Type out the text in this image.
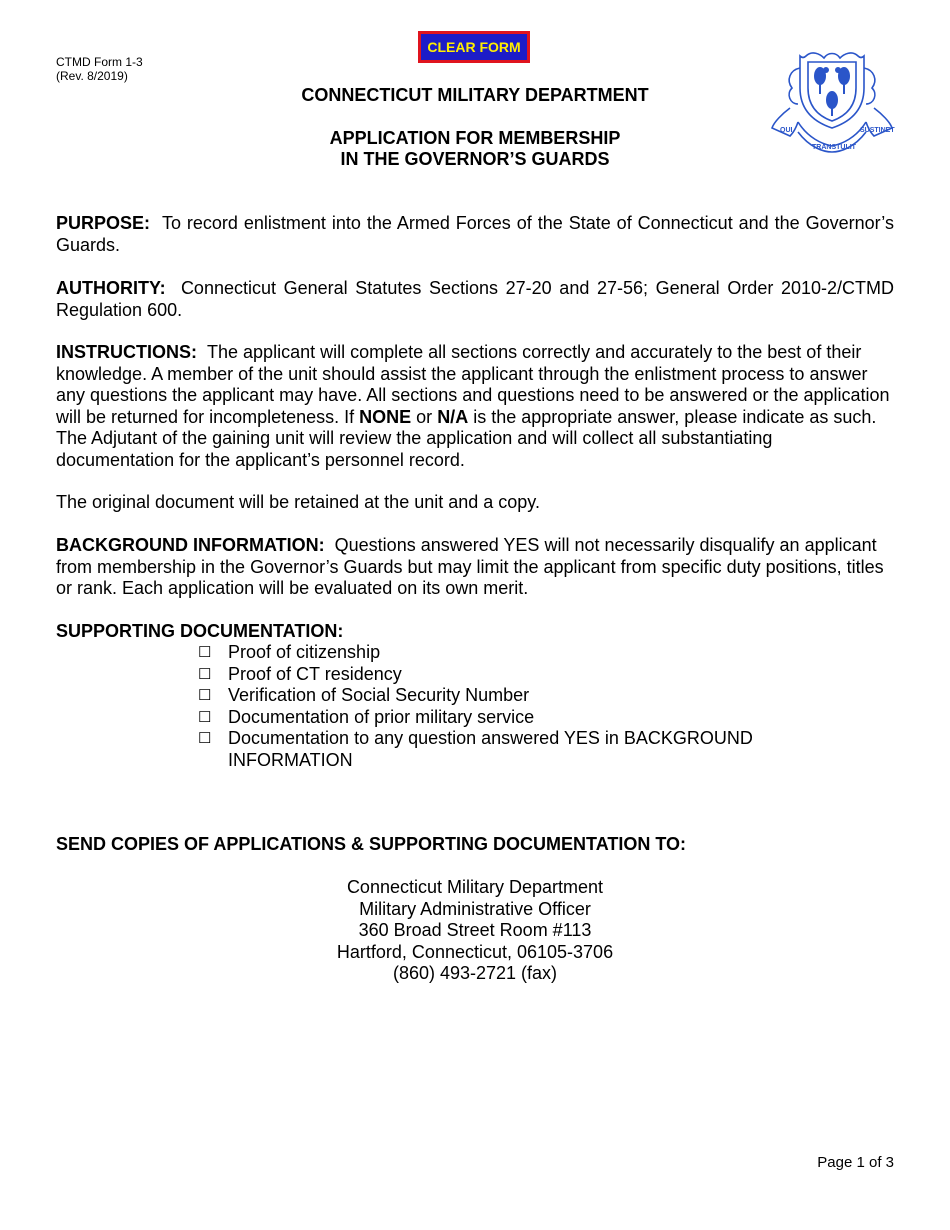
CTMD Form 1-3
(Rev. 8/2019)
CLEAR FORM
QUI
TRANSTULIT
SUSTINET
CONNECTICUT MILITARY DEPARTMENT
APPLICATION FOR MEMBERSHIP
IN THE GOVERNOR’S GUARDS
PURPOSE: To record enlistment into the Armed Forces of the State of Connecticut and the Governor’s Guards.
AUTHORITY: Connecticut General Statutes Sections 27-20 and 27-56; General Order 2010-2/CTMD Regulation 600.
INSTRUCTIONS: The applicant will complete all sections correctly and accurately to the best of their knowledge. A member of the unit should assist the applicant through the enlistment process to answer any questions the applicant may have. All sections and questions need to be answered or the application will be returned for incompleteness. If NONE or N/A is the appropriate answer, please indicate as such. The Adjutant of the gaining unit will review the application and will collect all substantiating documentation for the applicant’s personnel record.
The original document will be retained at the unit and a copy.
BACKGROUND INFORMATION: Questions answered YES will not necessarily disqualify an applicant from membership in the Governor’s Guards but may limit the applicant from specific duty positions, titles or rank. Each application will be evaluated on its own merit.
SUPPORTING DOCUMENTATION:
☐ Proof of citizenship
☐ Proof of CT residency
☐ Verification of Social Security Number
☐ Documentation of prior military service
☐ Documentation to any question answered YES in BACKGROUND INFORMATION
SEND COPIES OF APPLICATIONS & SUPPORTING DOCUMENTATION TO:
Connecticut Military Department
Military Administrative Officer
360 Broad Street Room #113
Hartford, Connecticut, 06105-3706
(860) 493-2721 (fax)
Page 1 of 3
